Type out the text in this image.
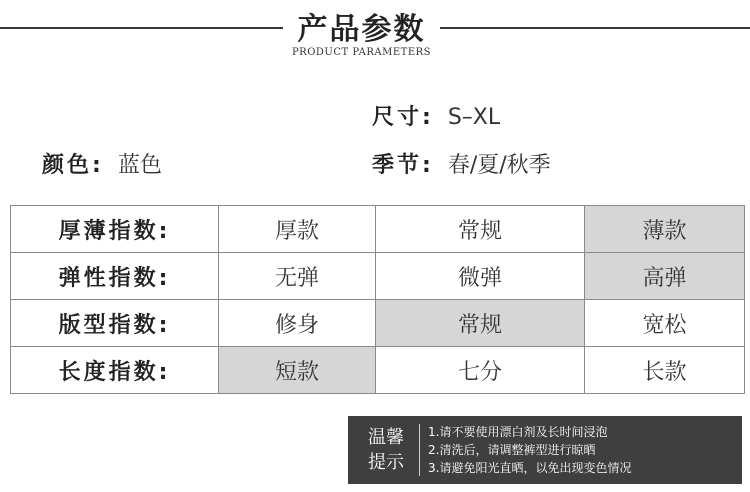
产品参数
PRODUCT PARAMETERS
尺寸: S–XL
颜色: 蓝色	季节: 春/夏/秋季
厚薄指数:	厚款	常规	薄款
弹性指数:	无弹	微弹	高弹
版型指数:	修身	常规	宽松
长度指数:	短款	七分	长款
温馨
提示
1.请不要使用漂白剂及长时间浸泡
2.清洗后，请调整裤型进行晾晒
3.请避免阳光直晒，以免出现变色情况
